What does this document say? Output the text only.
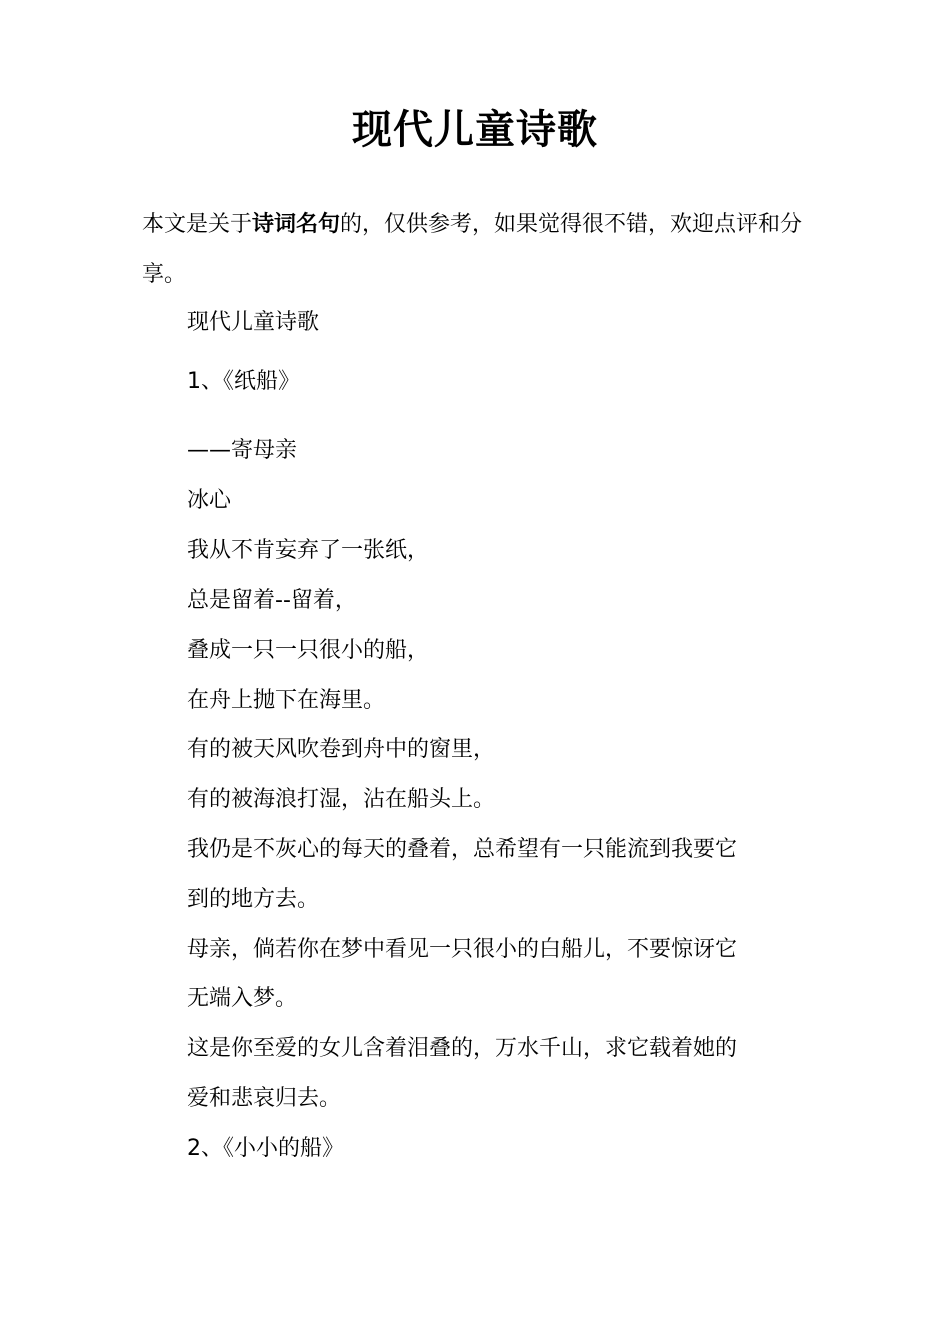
现代儿童诗歌
本文是关于诗词名句的，仅供参考，如果觉得很不错，欢迎点评和分享。
现代儿童诗歌
1、《纸船》
——寄母亲
冰心
我从不肯妄弃了一张纸，
总是留着--留着，
叠成一只一只很小的船，
在舟上抛下在海里。
有的被天风吹卷到舟中的窗里，
有的被海浪打湿，沾在船头上。
我仍是不灰心的每天的叠着，总希望有一只能流到我要它
到的地方去。
母亲，倘若你在梦中看见一只很小的白船儿，不要惊讶它
无端入梦。
这是你至爱的女儿含着泪叠的，万水千山，求它载着她的
爱和悲哀归去。
2、《小小的船》
